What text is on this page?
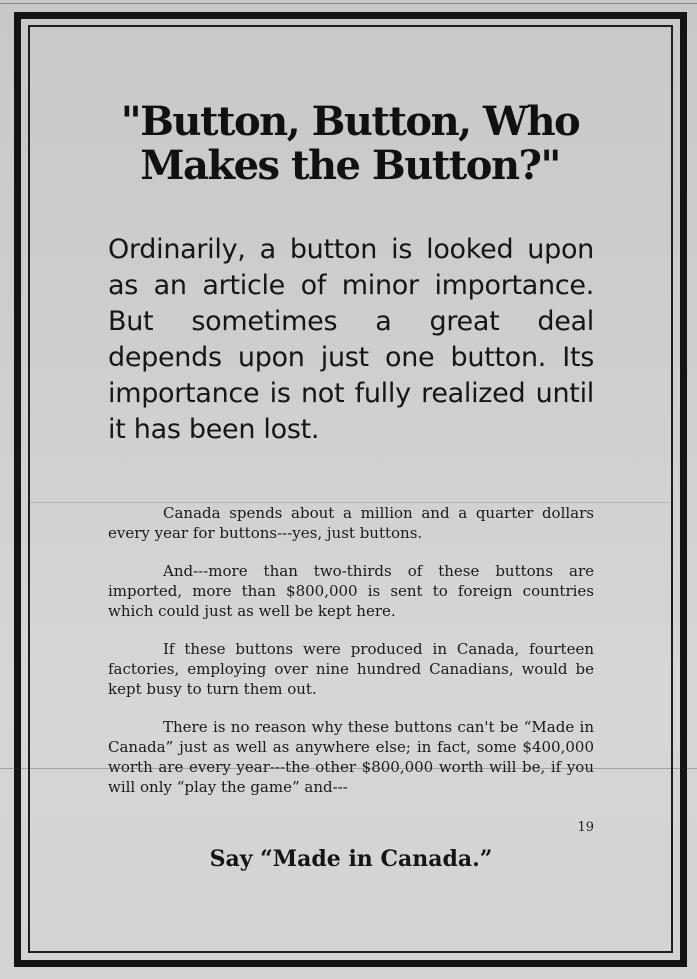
"Button, Button, Who Makes the Button?"

Ordinarily, a button is looked upon as an article of minor importance. But sometimes a great deal depends upon just one button. Its importance is not fully realized until it has been lost.

Canada spends about a million and a quarter dollars every year for buttons---yes, just buttons.

And---more than two-thirds of these buttons are imported, more than $800,000 is sent to foreign countries which could just as well be kept here.

If these buttons were produced in Canada, fourteen factories, employing over nine hundred Canadians, would be kept busy to turn them out.

There is no reason why these buttons can't be “Made in Canada” just as well as anywhere else; in fact, some $400,000 worth are every year---the other $800,000 worth will be, if you will only “play the game” and---

19
Say “Made in Canada.”
